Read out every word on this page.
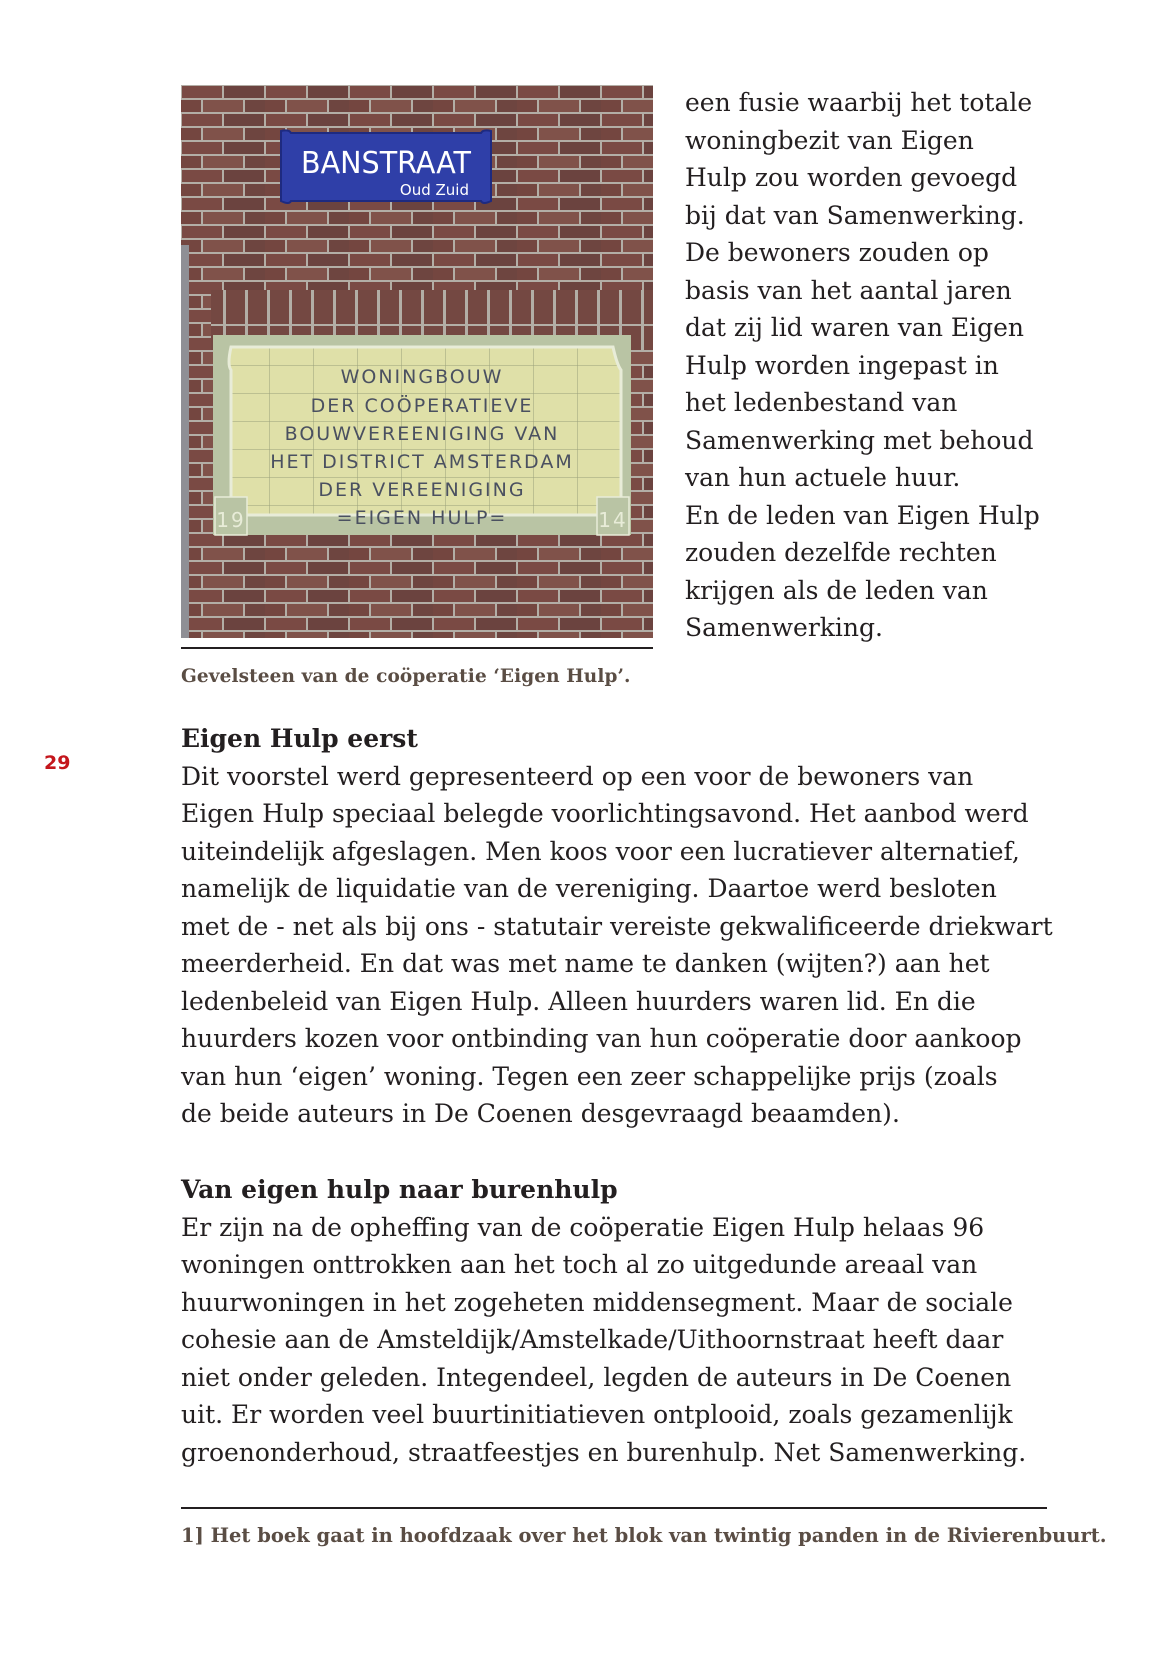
WONINGBOUW
DER COÖPERATIEVE
BOUWVEREENIGING VAN
HET DISTRICT AMSTERDAM
DER VEREENIGING
=EIGEN HULP=
19	14
BANSTRAAT
Oud Zuid
Gevelsteen van de coöperatie ‘Eigen Hulp’.
een fusie waarbij het totale
woningbezit van Eigen
Hulp zou worden gevoegd
bij dat van Samenwerking.
De bewoners zouden op
basis van het aantal jaren
dat zij lid waren van Eigen
Hulp worden ingepast in
het ledenbestand van
Samenwerking met behoud
van hun actuele huur.
En de leden van Eigen Hulp
zouden dezelfde rechten
krijgen als de leden van
Samenwerking.
29
Eigen Hulp eerst
Dit voorstel werd gepresenteerd op een voor de bewoners van
Eigen Hulp speciaal belegde voorlichtingsavond. Het aanbod werd
uiteindelijk afgeslagen. Men koos voor een lucratiever alternatief,
namelijk de liquidatie van de vereniging. Daartoe werd besloten
met de - net als bij ons - statutair vereiste gekwalificeerde driekwart
meerderheid. En dat was met name te danken (wijten?) aan het
ledenbeleid van Eigen Hulp. Alleen huurders waren lid. En die
huurders kozen voor ontbinding van hun coöperatie door aankoop
van hun ‘eigen’ woning. Tegen een zeer schappelijke prijs (zoals
de beide auteurs in De Coenen desgevraagd beaamden).
Van eigen hulp naar burenhulp
Er zijn na de opheffing van de coöperatie Eigen Hulp helaas 96
woningen onttrokken aan het toch al zo uitgedunde areaal van
huurwoningen in het zogeheten middensegment. Maar de sociale
cohesie aan de Amsteldijk/Amstelkade/Uithoornstraat heeft daar
niet onder geleden. Integendeel, legden de auteurs in De Coenen
uit. Er worden veel buurtinitiatieven ontplooid, zoals gezamenlijk
groenonderhoud, straatfeestjes en burenhulp. Net Samenwerking.
1] Het boek gaat in hoofdzaak over het blok van twintig panden in de Rivierenbuurt.
